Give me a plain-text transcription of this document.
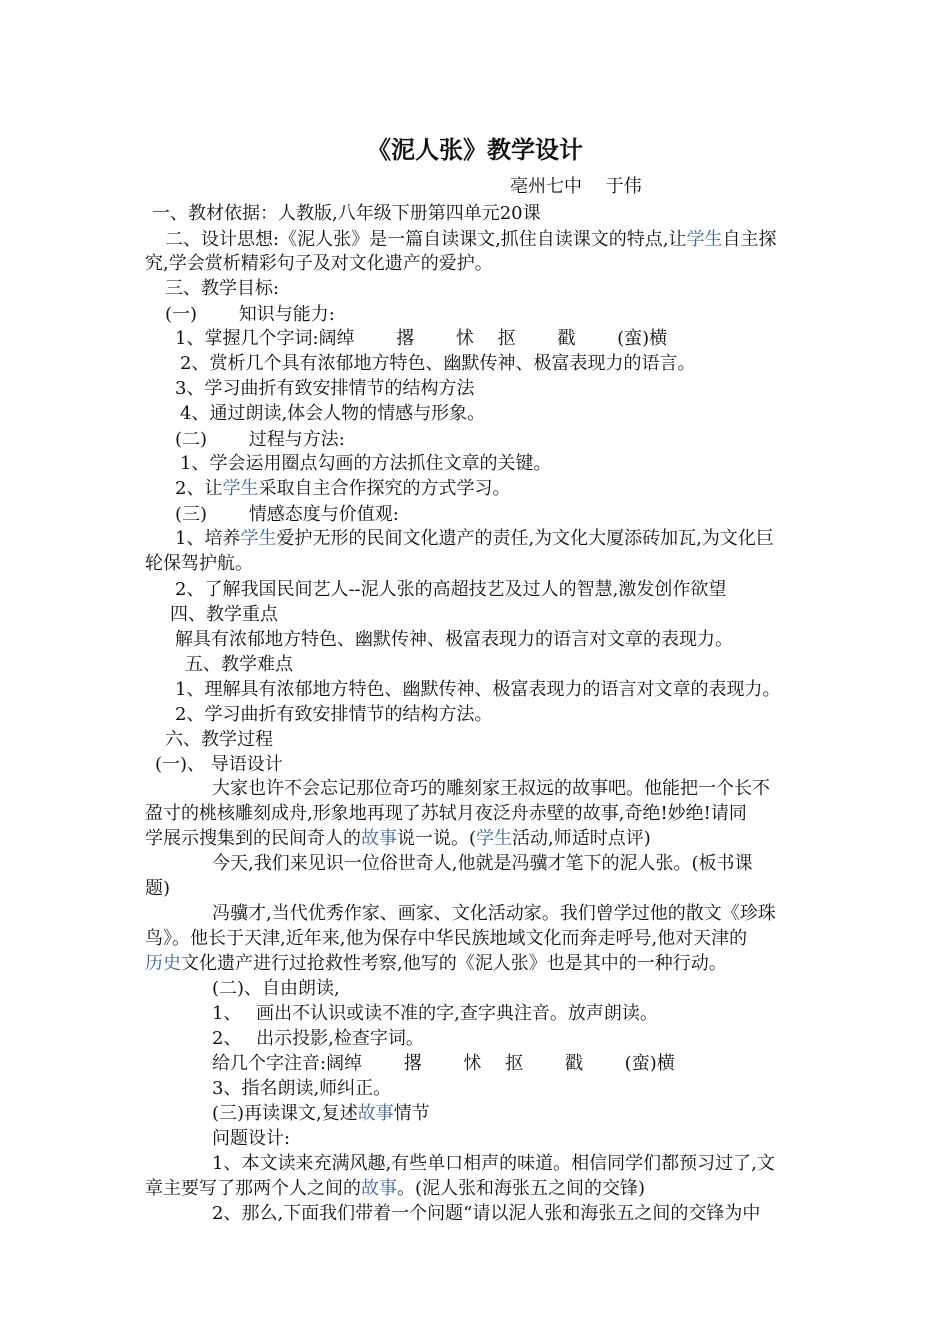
《泥人张》教学设计
亳州七中　 于伟
一、教材依据：人教版,八年级下册第四单元20课
二、设计思想:《泥人张》是一篇自读课文,抓住自读课文的特点,让学生自主探
究,学会赏析精彩句子及对文化遗产的爱护。
三、教学目标:
(一)　　 知识与能力:
1、掌握几个字词:阔绰　　 撂　　 怵　 抠　　 戳　　 (蛮)横
2、赏析几个具有浓郁地方特色、幽默传神、极富表现力的语言。
3、学习曲折有致安排情节的结构方法
4、通过朗读,体会人物的情感与形象。
(二)　　 过程与方法:
1、学会运用圈点勾画的方法抓住文章的关键。
2、让学生采取自主合作探究的方式学习。
(三)　　 情感态度与价值观:
1、培养学生爱护无形的民间文化遗产的责任,为文化大厦添砖加瓦,为文化巨
轮保驾护航。
2、了解我国民间艺人--泥人张的高超技艺及过人的智慧,激发创作欲望
四、教学重点
解具有浓郁地方特色、幽默传神、极富表现力的语言对文章的表现力。
五、教学难点
1、理解具有浓郁地方特色、幽默传神、极富表现力的语言对文章的表现力。
2、学习曲折有致安排情节的结构方法。
六、教学过程
(一)、 导语设计
大家也许不会忘记那位奇巧的雕刻家王叔远的故事吧。他能把一个长不
盈寸的桃核雕刻成舟,形象地再现了苏轼月夜泛舟赤壁的故事,奇绝!妙绝!请同
学展示搜集到的民间奇人的故事说一说。(学生活动,师适时点评)
今天,我们来见识一位俗世奇人,他就是冯骥才笔下的泥人张。(板书课
题)
冯骥才,当代优秀作家、画家、文化活动家。我们曾学过他的散文《珍珠
鸟》。他长于天津,近年来,他为保存中华民族地域文化而奔走呼号,他对天津的
历史文化遗产进行过抢救性考察,他写的《泥人张》也是其中的一种行动。
(二)、自由朗读,
1、　 画出不认识或读不准的字,查字典注音。放声朗读。
2、　 出示投影,检查字词。
给几个字注音:阔绰　　 撂　　 怵　 抠　　 戳　　 (蛮)横
3、指名朗读,师纠正。
(三)再读课文,复述故事情节
问题设计:
1、本文读来充满风趣,有些单口相声的味道。相信同学们都预习过了,文
章主要写了那两个人之间的故事。(泥人张和海张五之间的交锋)
2、那么,下面我们带着一个问题“请以泥人张和海张五之间的交锋为中
